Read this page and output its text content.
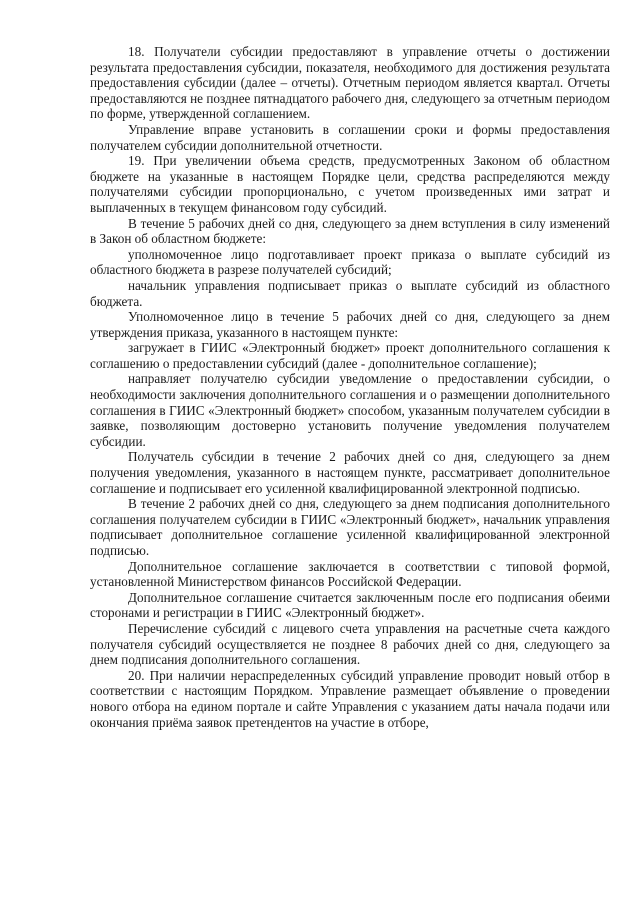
18. Получатели субсидии предоставляют в управление отчеты о достижении результата предоставления субсидии, показателя, необходимого для достижения результата предоставления субсидии (далее – отчеты). Отчетным периодом является квартал. Отчеты предоставляются не позднее пятнадцатого рабочего дня, следующего за отчетным периодом по форме, утвержденной соглашением.

Управление вправе установить в соглашении сроки и формы предоставления получателем субсидии дополнительной отчетности.

19. При увеличении объема средств, предусмотренных Законом об областном бюджете на указанные в настоящем Порядке цели, средства распределяются между получателями субсидии пропорционально, с учетом произведенных ими затрат и выплаченных в текущем финансовом году субсидий.

В течение 5 рабочих дней со дня, следующего за днем вступления в силу изменений в Закон об областном бюджете:

уполномоченное лицо подготавливает проект приказа о выплате субсидий из областного бюджета в разрезе получателей субсидий;

начальник управления подписывает приказ о выплате субсидий из областного бюджета.

Уполномоченное лицо в течение 5 рабочих дней со дня, следующего за днем утверждения приказа, указанного в настоящем пункте:

загружает в ГИИС «Электронный бюджет» проект дополнительного соглашения к соглашению о предоставлении субсидий (далее - дополнительное соглашение);

направляет получателю субсидии уведомление о предоставлении субсидии, о необходимости заключения дополнительного соглашения и о размещении дополнительного соглашения в ГИИС «Электронный бюджет» способом, указанным получателем субсидии в заявке, позволяющим достоверно установить получение уведомления получателем субсидии.

Получатель субсидии в течение 2 рабочих дней со дня, следующего за днем получения уведомления, указанного в настоящем пункте, рассматривает дополнительное соглашение и подписывает его усиленной квалифицированной электронной подписью.

В течение 2 рабочих дней со дня, следующего за днем подписания дополнительного соглашения получателем субсидии в ГИИС «Электронный бюджет», начальник управления подписывает дополнительное соглашение усиленной квалифицированной электронной подписью.

Дополнительное соглашение заключается в соответствии с типовой формой, установленной Министерством финансов Российской Федерации.

Дополнительное соглашение считается заключенным после его подписания обеими сторонами и регистрации в ГИИС «Электронный бюджет».

Перечисление субсидий с лицевого счета управления на расчетные счета каждого получателя субсидий осуществляется не позднее 8 рабочих дней со дня, следующего за днем подписания дополнительного соглашения.

20. При наличии нераспределенных субсидий управление проводит новый отбор в соответствии с настоящим Порядком. Управление размещает объявление о проведении нового отбора на едином портале и сайте Управления с указанием даты начала подачи или окончания приёма заявок претендентов на участие в отборе,
